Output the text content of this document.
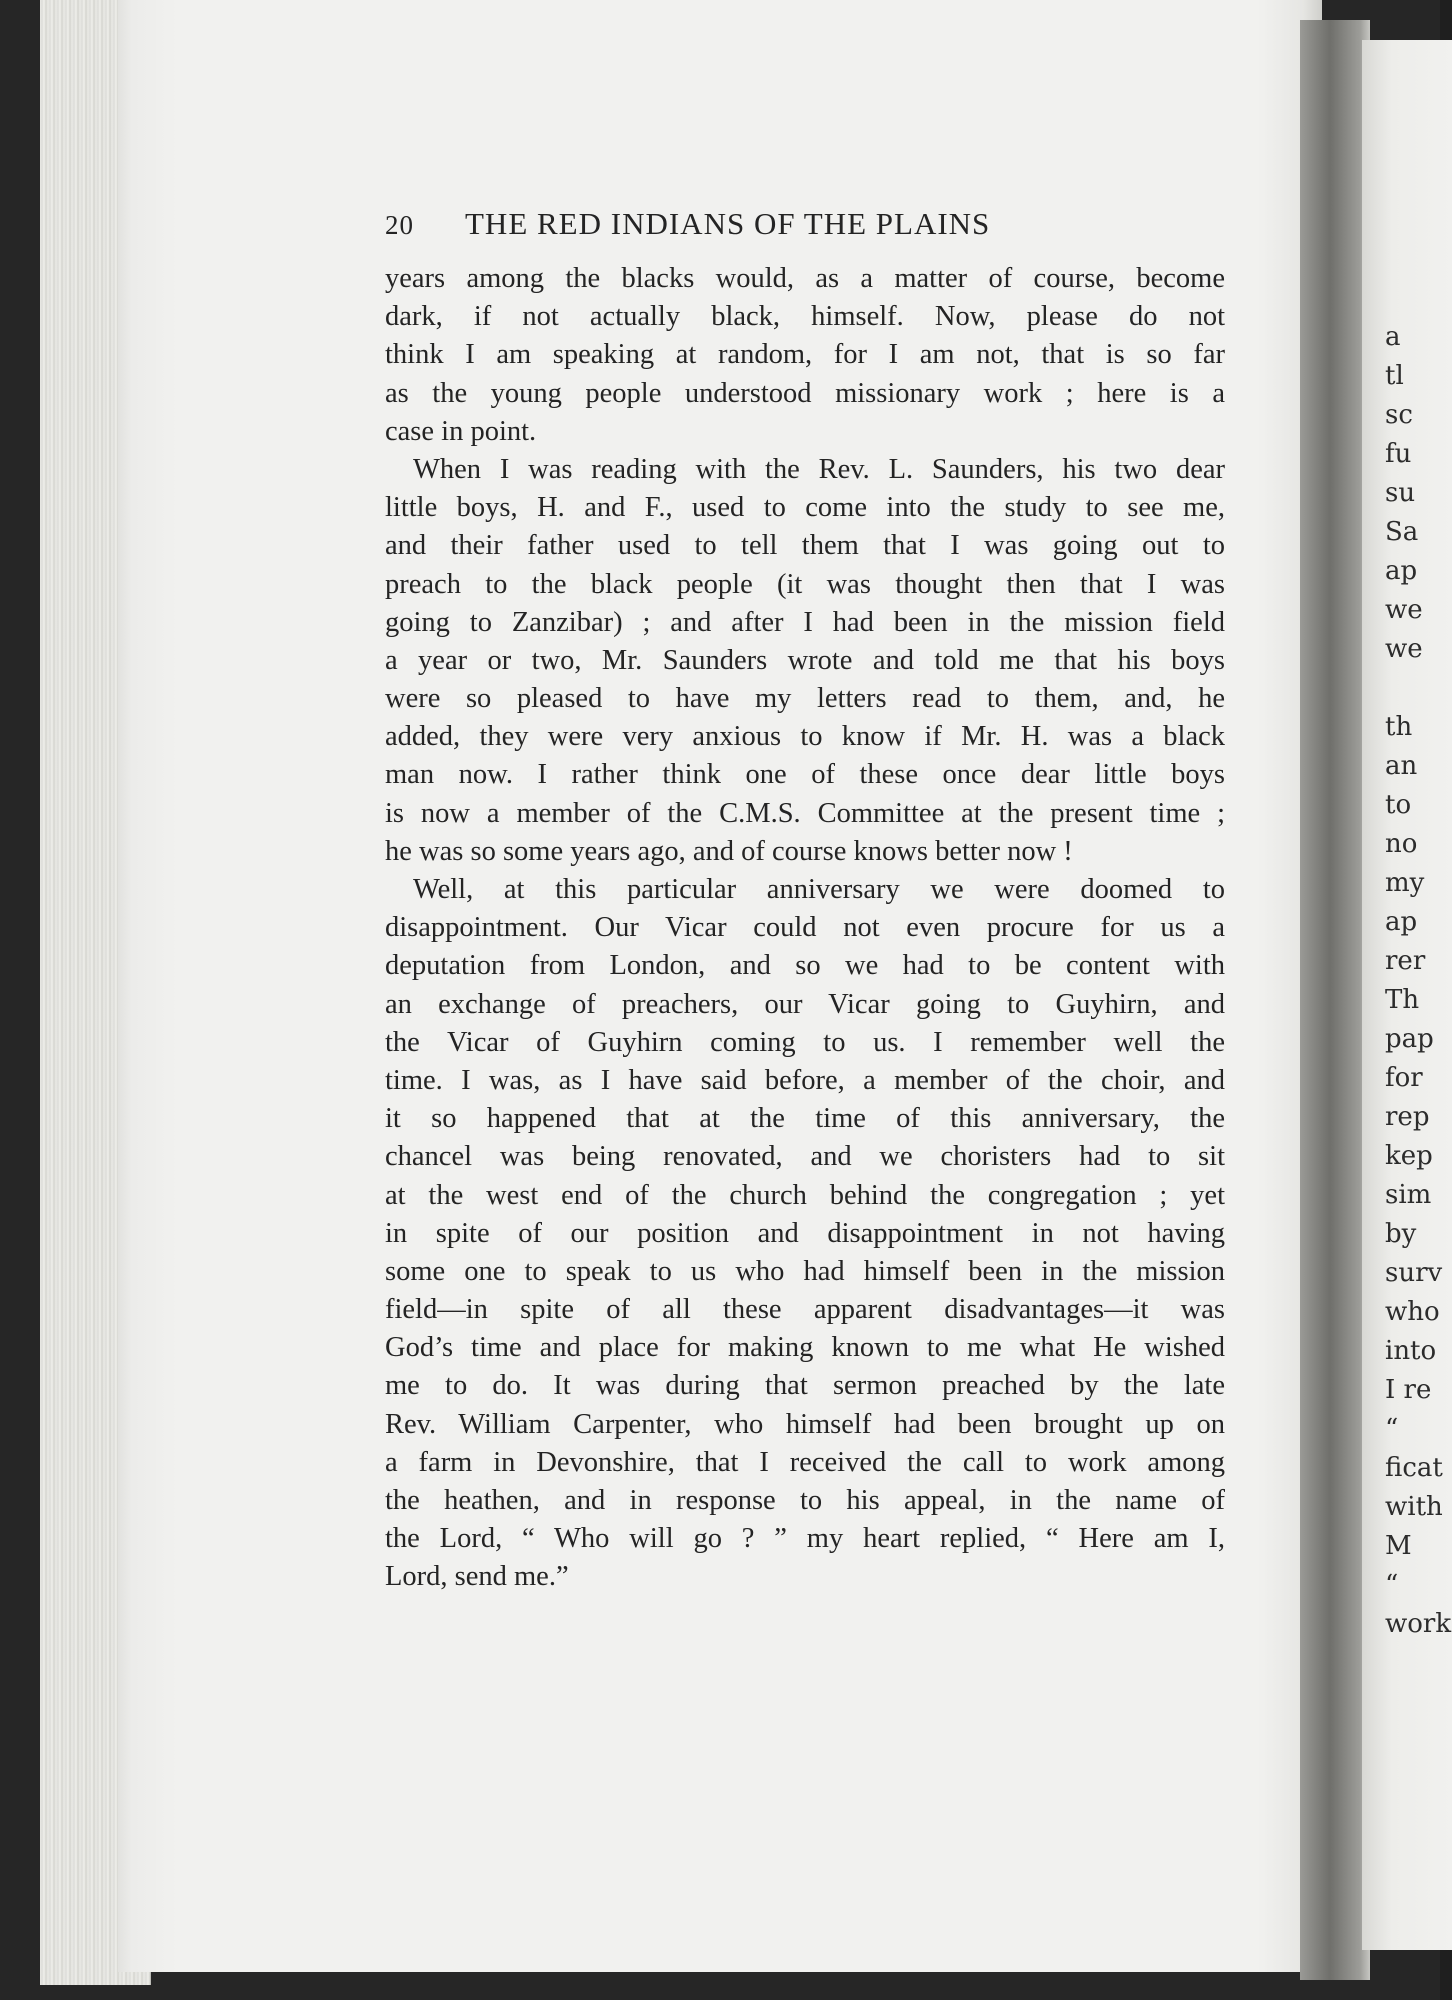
a
tl
sc
fu
su
Sa
ap
we
we
th
an
to
no
my
ap
rer
Th
pap
for
rep
kep
sim
by
surv
who
into
I re
“
ficat
with
M
“
work
20 THE RED INDIANS OF THE PLAINS
years among the blacks would, as a matter of course, become
dark, if not actually black, himself. Now, please do not
think I am speaking at random, for I am not, that is so far
as the young people understood missionary work ; here is a
case in point.
When I was reading with the Rev. L. Saunders, his two dear
little boys, H. and F., used to come into the study to see me,
and their father used to tell them that I was going out to
preach to the black people (it was thought then that I was
going to Zanzibar) ; and after I had been in the mission field
a year or two, Mr. Saunders wrote and told me that his boys
were so pleased to have my letters read to them, and, he
added, they were very anxious to know if Mr. H. was a black
man now. I rather think one of these once dear little boys
is now a member of the C.M.S. Committee at the present time ;
he was so some years ago, and of course knows better now !
Well, at this particular anniversary we were doomed to
disappointment. Our Vicar could not even procure for us a
deputation from London, and so we had to be content with
an exchange of preachers, our Vicar going to Guyhirn, and
the Vicar of Guyhirn coming to us. I remember well the
time. I was, as I have said before, a member of the choir, and
it so happened that at the time of this anniversary, the
chancel was being renovated, and we choristers had to sit
at the west end of the church behind the congregation ; yet
in spite of our position and disappointment in not having
some one to speak to us who had himself been in the mission
field—in spite of all these apparent disadvantages—it was
God’s time and place for making known to me what He wished
me to do. It was during that sermon preached by the late
Rev. William Carpenter, who himself had been brought up on
a farm in Devonshire, that I received the call to work among
the heathen, and in response to his appeal, in the name of
the Lord, “ Who will go ? ” my heart replied, “ Here am I,
Lord, send me.”
